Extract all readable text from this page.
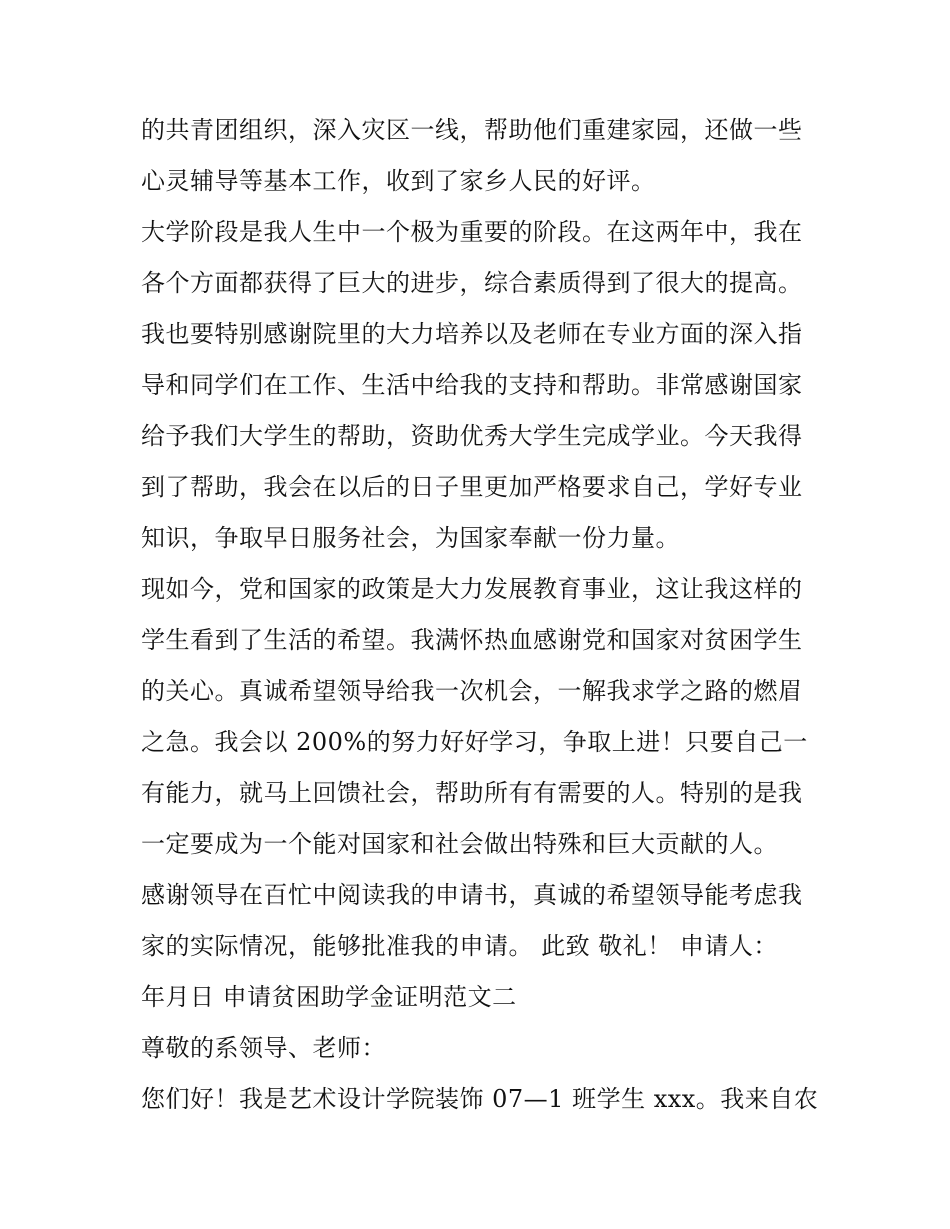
的共青团组织，深入灾区一线，帮助他们重建家园，还做一些
心灵辅导等基本工作，收到了家乡人民的好评。
大学阶段是我人生中一个极为重要的阶段。在这两年中，我在
各个方面都获得了巨大的进步，综合素质得到了很大的提高。
我也要特别感谢院里的大力培养以及老师在专业方面的深入指
导和同学们在工作、生活中给我的支持和帮助。非常感谢国家
给予我们大学生的帮助，资助优秀大学生完成学业。今天我得
到了帮助，我会在以后的日子里更加严格要求自己，学好专业
知识，争取早日服务社会，为国家奉献一份力量。
现如今，党和国家的政策是大力发展教育事业，这让我这样的
学生看到了生活的希望。我满怀热血感谢党和国家对贫困学生
的关心。真诚希望领导给我一次机会，一解我求学之路的燃眉
之急。我会以 200%的努力好好学习，争取上进！只要自己一
有能力，就马上回馈社会，帮助所有有需要的人。特别的是我
一定要成为一个能对国家和社会做出特殊和巨大贡献的人。
感谢领导在百忙中阅读我的申请书，真诚的希望领导能考虑我
家的实际情况，能够批准我的申请。 此致 敬礼！ 申请人：
年月日 申请贫困助学金证明范文二
尊敬的系领导、老师：
您们好！我是艺术设计学院装饰 07—1 班学生 xxx。我来自农
